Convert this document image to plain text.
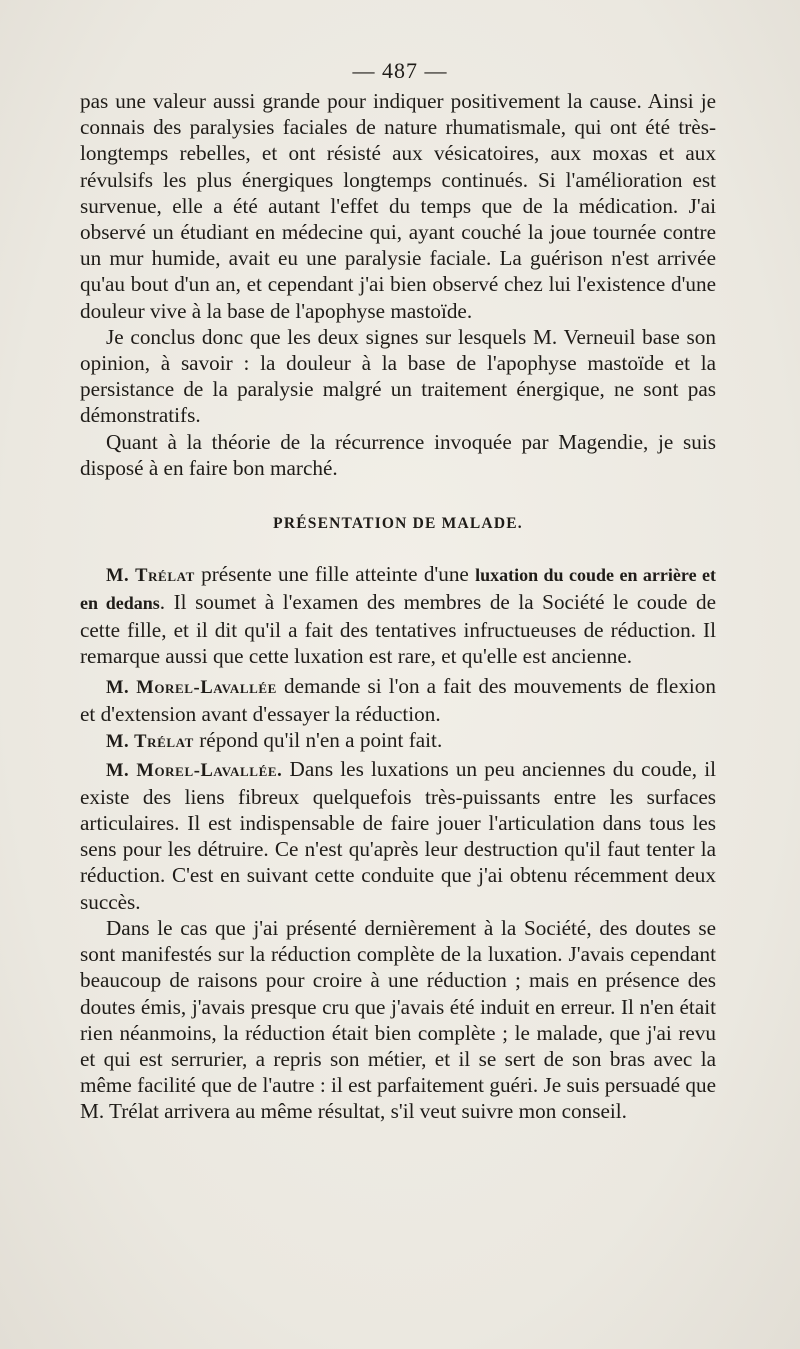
— 487 —

pas une valeur aussi grande pour indiquer positivement la cause. Ainsi je connais des paralysies faciales de nature rhumatismale, qui ont été très-longtemps rebelles, et ont résisté aux vésicatoires, aux moxas et aux révulsifs les plus énergiques longtemps continués. Si l'amélioration est survenue, elle a été autant l'effet du temps que de la médication. J'ai observé un étudiant en médecine qui, ayant couché la joue tournée contre un mur humide, avait eu une paralysie faciale. La guérison n'est arrivée qu'au bout d'un an, et cependant j'ai bien observé chez lui l'existence d'une douleur vive à la base de l'apophyse mastoïde.

Je conclus donc que les deux signes sur lesquels M. Verneuil base son opinion, à savoir : la douleur à la base de l'apophyse mastoïde et la persistance de la paralysie malgré un traitement énergique, ne sont pas démonstratifs.

Quant à la théorie de la récurrence invoquée par Magendie, je suis disposé à en faire bon marché.

PRÉSENTATION DE MALADE.

M. Trélat présente une fille atteinte d'une luxation du coude en arrière et en dedans. Il soumet à l'examen des membres de la Société le coude de cette fille, et il dit qu'il a fait des tentatives infructueuses de réduction. Il remarque aussi que cette luxation est rare, et qu'elle est ancienne.

M. Morel-Lavallée demande si l'on a fait des mouvements de flexion et d'extension avant d'essayer la réduction.

M. Trélat répond qu'il n'en a point fait.

M. Morel-Lavallée. Dans les luxations un peu anciennes du coude, il existe des liens fibreux quelquefois très-puissants entre les surfaces articulaires. Il est indispensable de faire jouer l'articulation dans tous les sens pour les détruire. Ce n'est qu'après leur destruction qu'il faut tenter la réduction. C'est en suivant cette conduite que j'ai obtenu récemment deux succès.

Dans le cas que j'ai présenté dernièrement à la Société, des doutes se sont manifestés sur la réduction complète de la luxation. J'avais cependant beaucoup de raisons pour croire à une réduction ; mais en présence des doutes émis, j'avais presque cru que j'avais été induit en erreur. Il n'en était rien néanmoins, la réduction était bien complète ; le malade, que j'ai revu et qui est serrurier, a repris son métier, et il se sert de son bras avec la même facilité que de l'autre : il est parfaitement guéri. Je suis persuadé que M. Trélat arrivera au même résultat, s'il veut suivre mon conseil.
